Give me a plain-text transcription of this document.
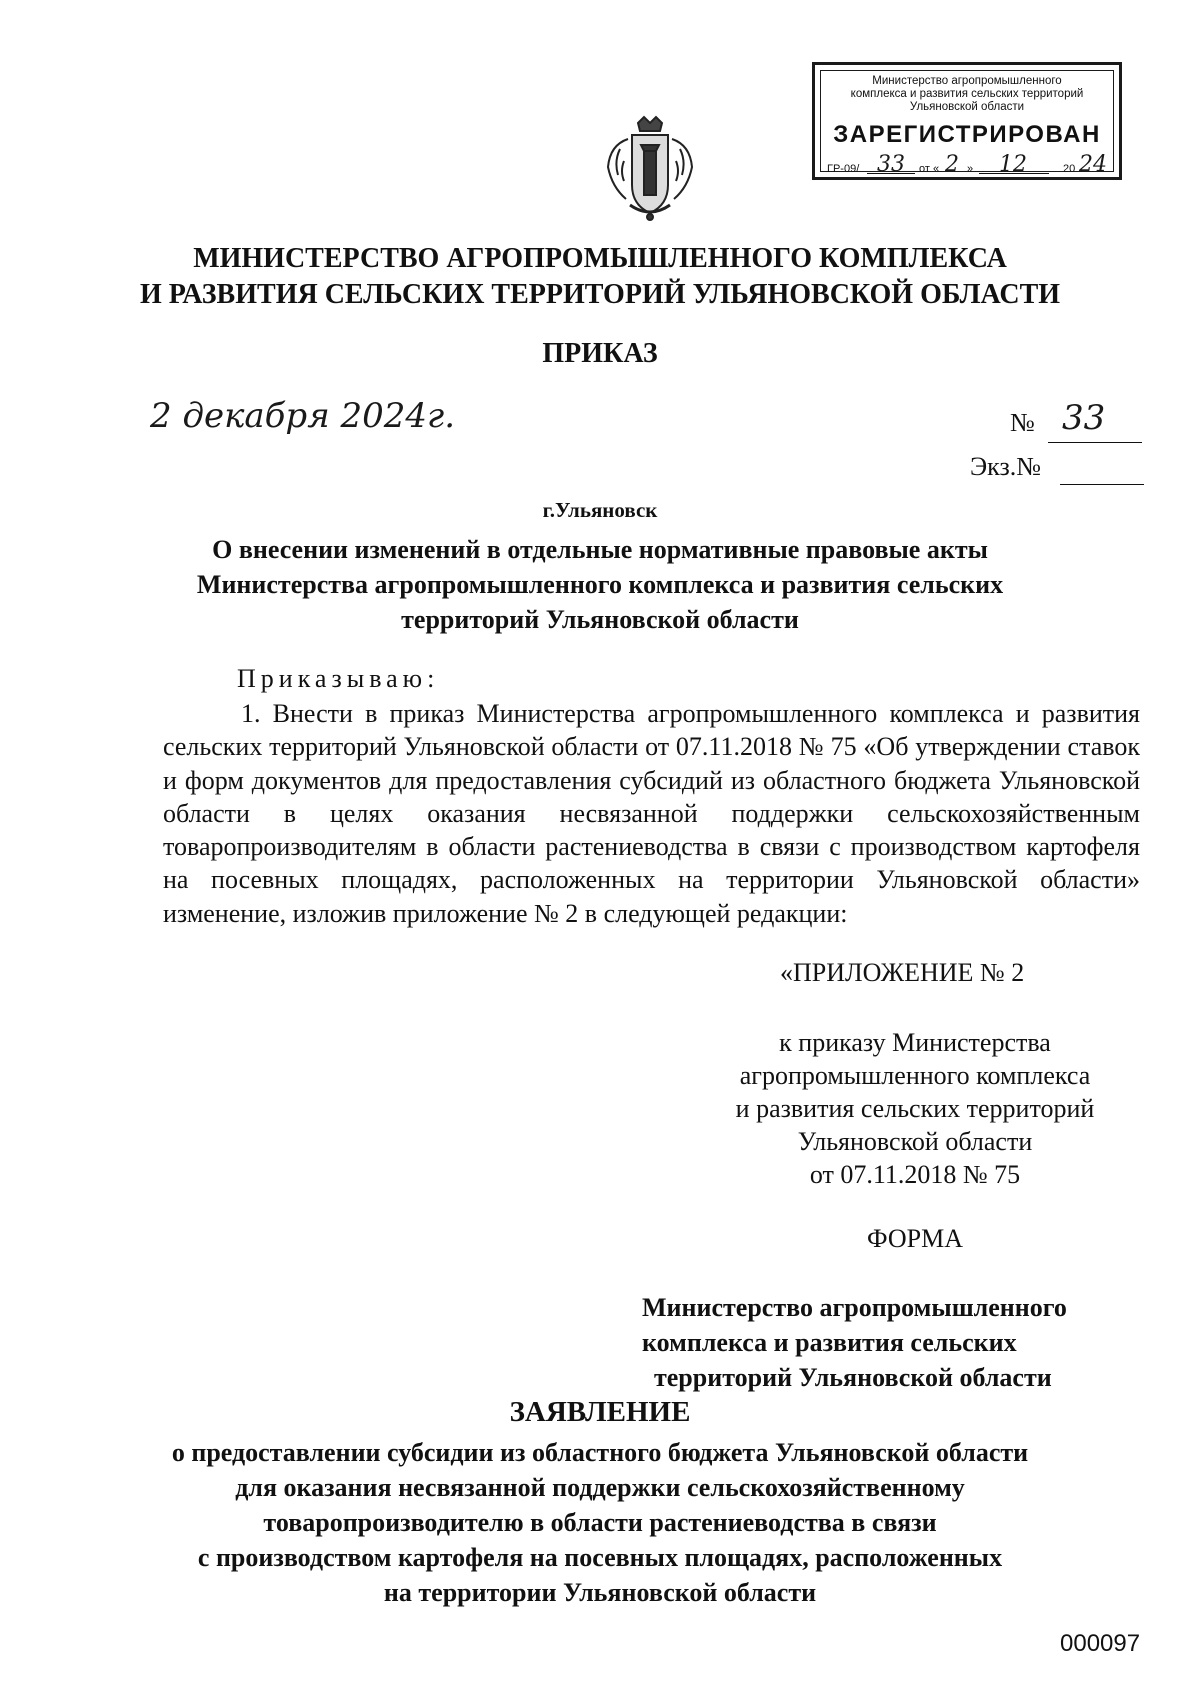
Министерство агропромышленного
комплекса и развития сельских территорий
Ульяновской области
ЗАРЕГИСТРИРОВАН
ГР-09/ 33 от « 2 » 12	20 24
МИНИСТЕРСТВО АГРОПРОМЫШЛЕННОГО КОМПЛЕКСА
И РАЗВИТИЯ СЕЛЬСКИХ ТЕРРИТОРИЙ УЛЬЯНОВСКОЙ ОБЛАСТИ
ПРИКАЗ
2 декабря 2024г.	№ 33
Экз.№
г.Ульяновск
О внесении изменений в отдельные нормативные правовые акты
Министерства агропромышленного комплекса и развития сельских
территорий Ульяновской области
Приказываю:
1. Внести в приказ Министерства агропромышленного комплекса и развития сельских территорий Ульяновской области от 07.11.2018 № 75 «Об утверждении ставок и форм документов для предоставления субсидий из областного бюджета Ульяновской области в целях оказания несвязанной поддержки сельскохозяйственным товаропроизводителям в области растениеводства в связи с производством картофеля на посевных площадях, расположенных на территории Ульяновской области» изменение, изложив приложение № 2 в следующей редакции:
«ПРИЛОЖЕНИЕ № 2
к приказу Министерства
агропромышленного комплекса
и развития сельских территорий
Ульяновской области
от 07.11.2018 № 75
ФОРМА
Министерство агропромышленного
комплекса и развития сельских
территорий Ульяновской области
ЗАЯВЛЕНИЕ
о предоставлении субсидии из областного бюджета Ульяновской области
для оказания несвязанной поддержки сельскохозяйственному
товаропроизводителю в области растениеводства в связи
с производством картофеля на посевных площадях, расположенных
на территории Ульяновской области
000097
